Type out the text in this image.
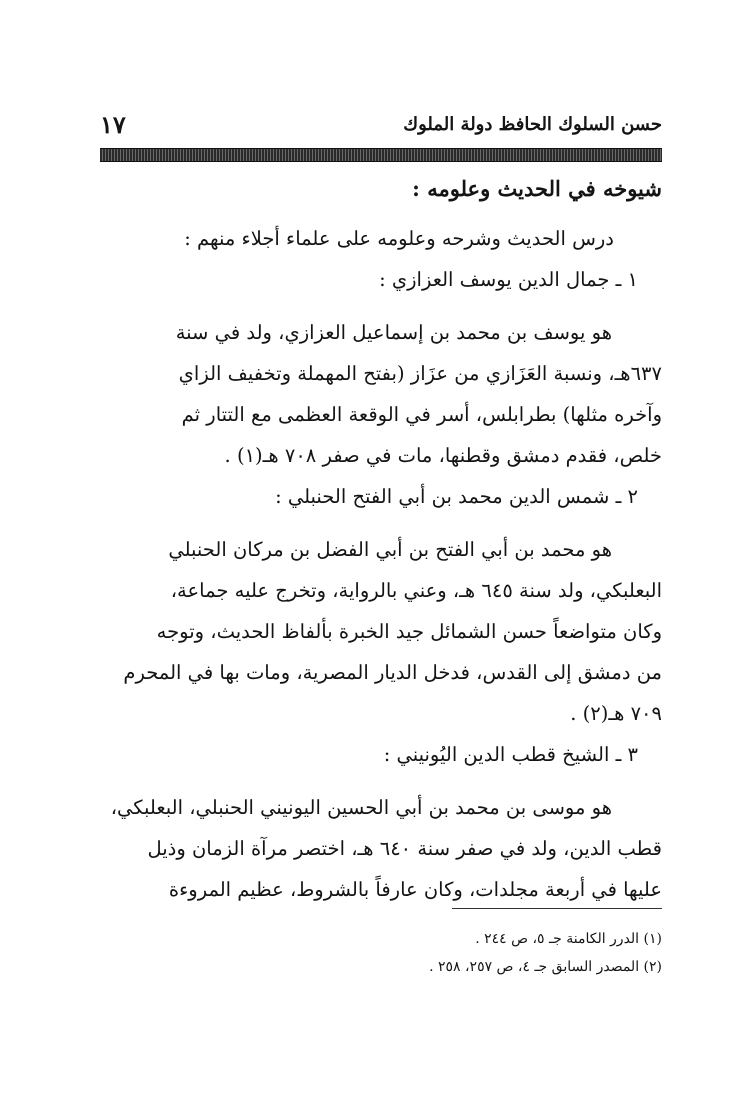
حسن السلوك الحافظ دولة الملوك
١٧
شيوخه في الحديث وعلومه :
درس الحديث وشرحه وعلومه على علماء أجلاء منهم :
١ ـ جمال الدين يوسف العزازي :
هو يوسف بن محمد بن إسماعيل العزازي، ولد في سنة
٦٣٧هـ، ونسبة العَزَازي من عزَاز (بفتح المهملة وتخفيف الزاي
وآخره مثلها) بطرابلس، أسر في الوقعة العظمى مع التتار ثم
خلص، فقدم دمشق وقطنها، مات في صفر ٧٠٨ هـ(١) .
٢ ـ شمس الدين محمد بن أبي الفتح الحنبلي :
هو محمد بن أبي الفتح بن أبي الفضل بن مركان الحنبلي
البعلبكي، ولد سنة ٦٤٥ هـ، وعني بالرواية، وتخرج عليه جماعة،
وكان متواضعاً حسن الشمائل جيد الخبرة بألفاظ الحديث، وتوجه
من دمشق إلى القدس، فدخل الديار المصرية، ومات بها في المحرم
٧٠٩ هـ(٢) .
٣ ـ الشيخ قطب الدين اليُونيني :
هو موسى بن محمد بن أبي الحسين اليونيني الحنبلي، البعلبكي،
قطب الدين، ولد في صفر سنة ٦٤٠ هـ، اختصر مرآة الزمان وذيل
عليها في أربعة مجلدات، وكان عارفاً بالشروط، عظيم المروءة
(١) الدرر الكامنة جـ ٥، ص ٢٤٤ .
(٢) المصدر السابق جـ ٤، ص ٢٥٧، ٢٥٨ .
